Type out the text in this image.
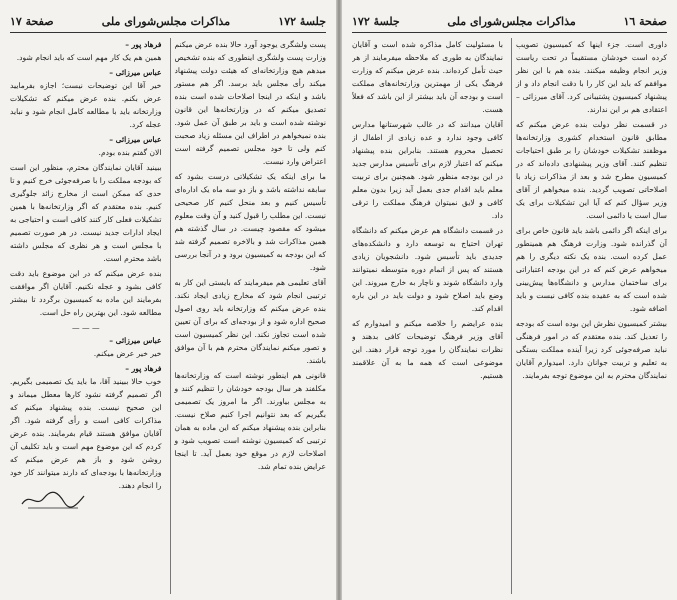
جلسهٔ ١٧٢
مذاکرات مجلس‌شورای ملی
صفحة ١٧
پست ولشگری یوجود آورد حالا بنده عرض میکنم وزارت پست ولشگری اینطوری که بنده تشخیص میدهم هیچ وزارتخانه‌ای که هیئت دولت پیشنهاد میکند رأی مجلس باید برسد. اگر هم مستور باشد و اینکه در اینجا اصلاحات شده است بنده تصدیق میکنم که در وزارتخانه‌ها این قانون نوشته شده است و باید بر طبق آن عمل شود. بنده نمیخواهم در اطراف این مسئله زیاد صحبت کنم ولی تا خود مجلس تصمیم گرفته است اعتراض وارد نیست.
ما برای اینکه یک تشکیلاتی درست بشود که سابقه نداشته باشد و باز دو سه ماه یک اداره‌ای تأسیس کنیم و بعد منحل کنیم کار صحیحی نیست. این مطلب را قبول کنید و آن وقت معلوم میشود که مقصود چیست. در سال گذشته هم همین مذاکرات شد و بالاخره تصمیم گرفته شد که این بودجه به کمیسیون برود و در آنجا بررسی شود.
آقای تعلیمی هم میفرمایند که بایستی این کار به ترتیبی انجام شود که مخارج زیادی ایجاد نکند. بنده عرض میکنم که وزارتخانه باید روی اصول صحیح اداره شود و از بودجه‌ای که برای آن تعیین شده است تجاوز نکند. این نظر کمیسیون است و تصور میکنم نمایندگان محترم هم با آن موافق باشند.
قانونی هم اینطور نوشته است که وزارتخانه‌ها مکلفند هر سال بودجه خودشان را تنظیم کنند و به مجلس بیاورند. اگر ما امروز یک تصمیمی بگیریم که بعد نتوانیم اجرا کنیم صلاح نیست. بنابراین بنده پیشنهاد میکنم که این ماده به همان ترتیبی که کمیسیون نوشته است تصویب شود و اصلاحات لازم در موقع خود بعمل آید. تا اینجا عرایض بنده تمام شد.
فرهاد پور –
همین هم یک کار مهم است که باید انجام شود.
عباس میرزائی –
خیر آقا این توضیحات نیست؛ اجازه بفرمایید عرض بکنم. بنده عرض میکنم که تشکیلات وزارتخانه باید با مطالعه کامل انجام شود و نباید عجله کرد.
عباس میرزائی –
الان گفتم بنده بودم.
ببینید آقایان نمایندگان محترم، منظور این است که بودجه مملکت را با صرفه‌جوئی خرج کنیم و تا حدی که ممکن است از مخارج زائد جلوگیری کنیم. بنده معتقدم که اگر وزارتخانه‌ها با همین تشکیلات فعلی کار کنند کافی است و احتیاجی به ایجاد ادارات جدید نیست. در هر صورت تصمیم با مجلس است و هر نظری که مجلس داشته باشد محترم است.
بنده عرض میکنم که در این موضوع باید دقت کافی بشود و عجله نکنیم. آقایان اگر موافقت بفرمایند این ماده به کمیسیون برگردد تا بیشتر مطالعه شود. این بهترین راه حل است.
— — —
عباس میرزائی –
خیر خیر عرض میکنم.
فرهاد پور –
خوب حالا ببینید آقا، ما باید یک تصمیمی بگیریم. اگر تصمیم گرفته نشود کارها معطل میماند و این صحیح نیست. بنده پیشنهاد میکنم که مذاکرات کافی است و رأی گرفته شود. اگر آقایان موافق هستند قیام بفرمایند. بنده عرض کردم که این موضوع مهم است و باید تکلیف آن روشن شود و باز هم عرض میکنم که وزارتخانه‌ها با بودجه‌ای که دارند میتوانند کار خود را انجام دهند.
صفحة ١٦
مذاکرات مجلس‌شورای ملی
جلسهٔ ١٧٢
داوری است. جزء اینها که کمیسیون تصویب کرده است خودشان مستقیماً در تحت ریاست وزیر انجام وظیفه میکنند. بنده هم با این نظر موافقم که باید این کار را با دقت انجام داد و از پیشنهاد کمیسیون پشتیبانی کرد. آقای میرزائی – اعتقادی هم بر این ندارند.
در قسمت نظر دولت بنده عرض میکنم که مطابق قانون استخدام کشوری وزارتخانه‌ها موظفند تشکیلات خودشان را بر طبق احتیاجات تنظیم کنند. آقای وزیر پیشنهادی داده‌اند که در کمیسیون مطرح شد و بعد از مذاکرات زیاد با اصلاحاتی تصویب گردید. بنده میخواهم از آقای وزیر سؤال کنم که آیا این تشکیلات برای یک سال است یا دائمی است.
برای اینکه اگر دائمی باشد باید قانون خاص برای آن گذرانده شود. وزارت فرهنگ هم همینطور عمل کرده است. بنده یک نکته دیگری را هم میخواهم عرض کنم که در این بودجه اعتباراتی برای ساختمان مدارس و دانشگاه‌ها پیش‌بینی شده است که به عقیده بنده کافی نیست و باید اضافه شود.
بیشتر کمیسیون نظرش این بوده است که بودجه را تعدیل کند. بنده معتقدم که در امور فرهنگی نباید صرفه‌جوئی کرد زیرا آینده مملکت بستگی به تعلیم و تربیت جوانان دارد. امیدوارم آقایان نمایندگان محترم به این موضوع توجه بفرمایند.
با مسئولیت کامل مذاکره شده است و آقایان نمایندگان به طوری که ملاحظه میفرمایند از هر حیث تأمل کرده‌اند. بنده عرض میکنم که وزارت فرهنگ یکی از مهمترین وزارتخانه‌های مملکت است و بودجه آن باید بیشتر از این باشد که فعلاً هست.
آقایان میدانند که در غالب شهرستانها مدارس کافی وجود ندارد و عده زیادی از اطفال از تحصیل محروم هستند. بنابراین بنده پیشنهاد میکنم که اعتبار لازم برای تأسیس مدارس جدید در این بودجه منظور شود. همچنین برای تربیت معلم باید اقدام جدی بعمل آید زیرا بدون معلم کافی و لایق نمیتوان فرهنگ مملکت را ترقی داد.
در قسمت دانشگاه هم عرض میکنم که دانشگاه تهران احتیاج به توسعه دارد و دانشکده‌های جدیدی باید تأسیس شود. دانشجویان زیادی هستند که پس از اتمام دوره متوسطه نمیتوانند وارد دانشگاه شوند و ناچار به خارج میروند. این وضع باید اصلاح شود و دولت باید در این باره اقدام کند.
بنده عرایضم را خلاصه میکنم و امیدوارم که آقای وزیر فرهنگ توضیحات کافی بدهند و نظرات نمایندگان را مورد توجه قرار دهند. این موضوعی است که همه ما به آن علاقمند هستیم.
